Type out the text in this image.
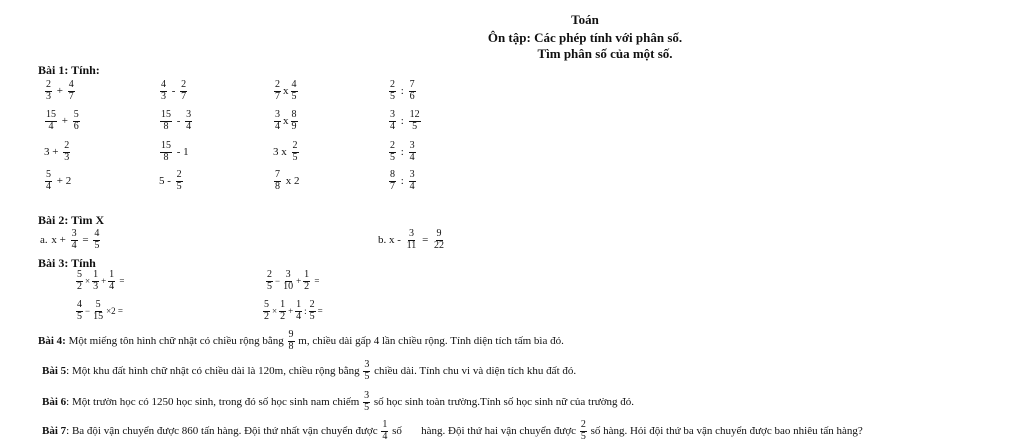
Toán
Ôn tập: Các phép tính với phân số.
Tìm phân số của một số.
Bài 1: Tính:
$\frac{2}{3} + \frac{4}{7}$	$\frac{4}{3} - \frac{2}{7}$	$\frac{2}{7}$ x $\frac{4}{5}$	$\frac{2}{5}$ : $\frac{7}{6}$
$\frac{15}{4} + \frac{5}{6}$	$\frac{15}{8} - \frac{3}{4}$	$\frac{3}{4}$ x $\frac{8}{9}$	$\frac{3}{4}$ : $\frac{12}{5}$
$3 + \frac{2}{3}$	$\frac{15}{8} - 1$	3 x $\frac{2}{5}$	$\frac{2}{5}$ : $\frac{3}{4}$
$\frac{5}{4} + 2$	$5 - \frac{2}{5}$	$\frac{7}{8}$ x 2	$\frac{8}{7}$ : $\frac{3}{4}$
Bài 2: Tìm X
a. $x + \frac{3}{4} = \frac{4}{5}$	b. $x - \frac{3}{11} = \frac{9}{22}$
Bài 3: Tính
$\frac{5}{2} \times \frac{1}{3} + \frac{1}{4}$ =	$\frac{2}{5} - \frac{3}{10} + \frac{1}{2}$ =
$\frac{4}{5} - \frac{5}{15} \times 2$ =	$\frac{5}{2} \times \frac{1}{2} + \frac{1}{4}$ : $\frac{2}{5}$ =
Bài 4: Một miếng tôn hình chữ nhật có chiều rộng bằng $\frac{9}{8} m$, chiều dài gấp 4 lần chiều rộng. Tính diện tích tấm bìa đó.
Bài 5 : Một khu đất hình chữ nhật có chiều dài là 120m, chiều rộng bằng $\frac{3}{5}$ chiều dài. Tính chu vi và diện tích khu đất đó.
Bài 6 : Một trườn học có 1250 học sinh, trong đó số học sinh nam chiếm $\frac{3}{5}$ số học sinh toàn trường.Tính số học sinh nữ của trường đó.
Bài 7 : Ba đội vận chuyển được 860 tấn hàng. Đội thứ nhất vận chuyển được $\frac{1}{4}$ số       hàng. Đội thứ hai vận chuyển được $\frac{2}{5}$ số hàng. Hỏi đội thứ ba vận chuyển được bao nhiêu tấn hàng?
